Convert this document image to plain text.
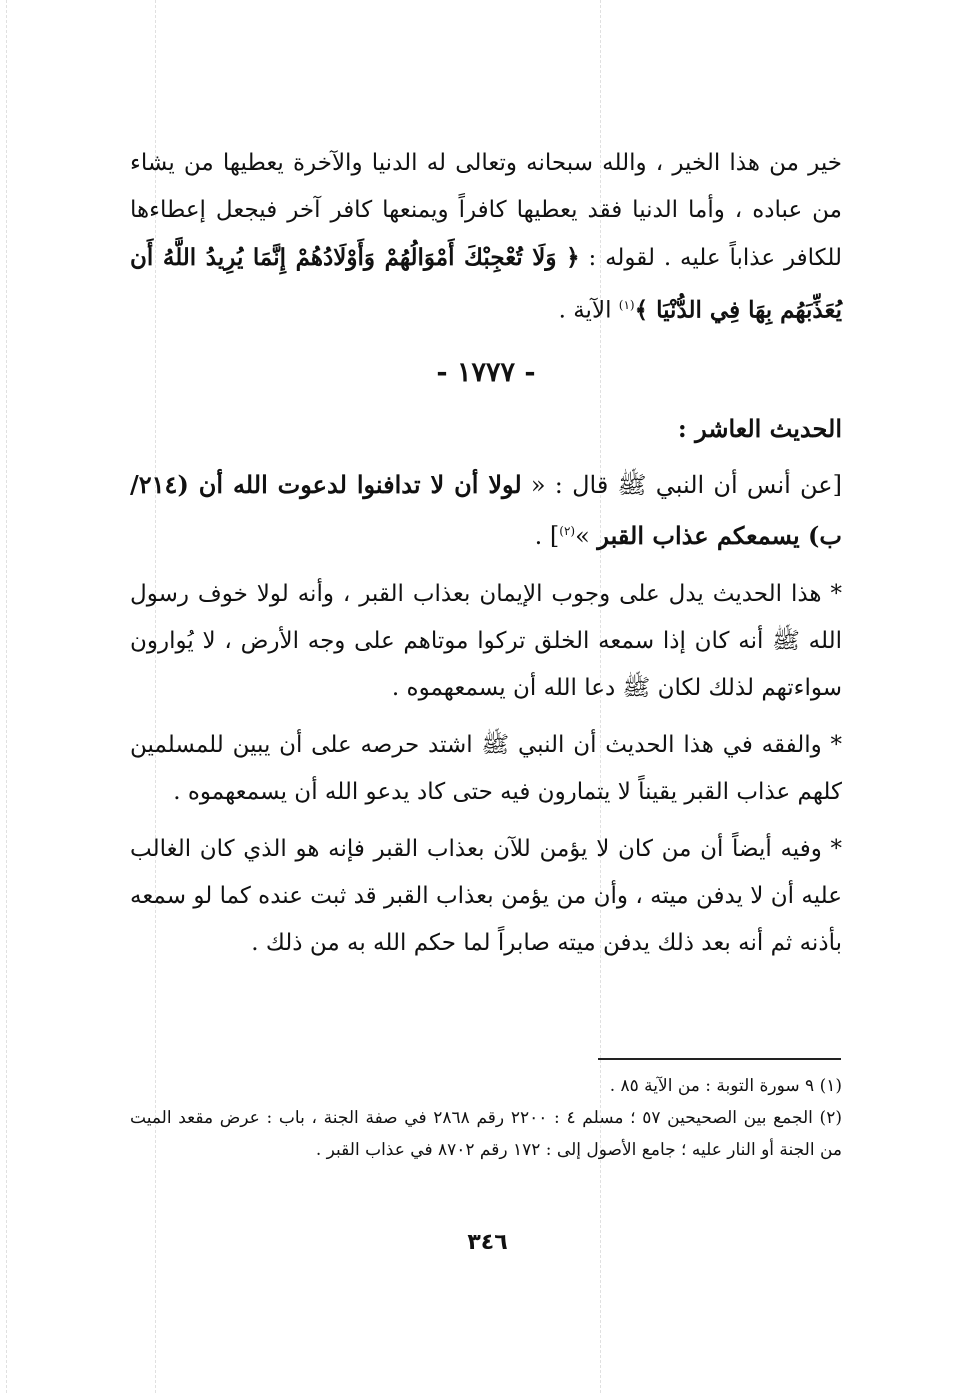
خير من هذا الخير ، والله سبحانه وتعالى له الدنيا والآخرة يعطيها من يشاء من عباده ، وأما الدنيا فقد يعطيها كافراً ويمنعها كافر آخر فيجعل إعطاءها للكافر عذاباً عليه . لقوله : ﴿ وَلَا تُعْجِبْكَ أَمْوَالُهُمْ وَأَوْلَادُهُمْ إِنَّمَا يُرِيدُ اللَّهُ أَن يُعَذِّبَهُم بِهَا فِي الدُّنْيَا ﴾$^{(١)}$ الآية .

- ١٧٧٧ -

الحديث العاشر :

[عن أنس أن النبي ﷺ قال : « لولا أن لا تدافنوا لدعوت الله أن (٢١٤/ ب) يسمعكم عذاب القبر »$^{(٢)}$] .

* هذا الحديث يدل على وجوب الإيمان بعذاب القبر ، وأنه لولا خوف رسول الله ﷺ أنه كان إذا سمعه الخلق تركوا موتاهم على وجه الأرض ، لا يُوارون سواءتهم لذلك لكان ﷺ دعا الله أن يسمعهموه .

* والفقه في هذا الحديث أن النبي ﷺ اشتد حرصه على أن يبين للمسلمين كلهم عذاب القبر يقيناً لا يتمارون فيه حتى كاد يدعو الله أن يسمعهموه .

* وفيه أيضاً أن من كان لا يؤمن للآن بعذاب القبر فإنه هو الذي كان الغالب عليه أن لا يدفن ميته ، وأن من يؤمن بعذاب القبر قد ثبت عنده كما لو سمعه بأذنه ثم أنه بعد ذلك يدفن ميته صابراً لما حكم الله به من ذلك .

(١) ٩ سورة التوبة : من الآية ٨٥ .

(٢) الجمع بين الصحيحين ٥٧ ؛ مسلم ٤ : ٢٢٠٠ رقم ٢٨٦٨ في صفة الجنة ، باب : عرض مقعد الميت من الجنة أو النار عليه ؛ جامع الأصول إلى : ١٧٢ رقم ٨٧٠٢ في عذاب القبر .

٣٤٦
